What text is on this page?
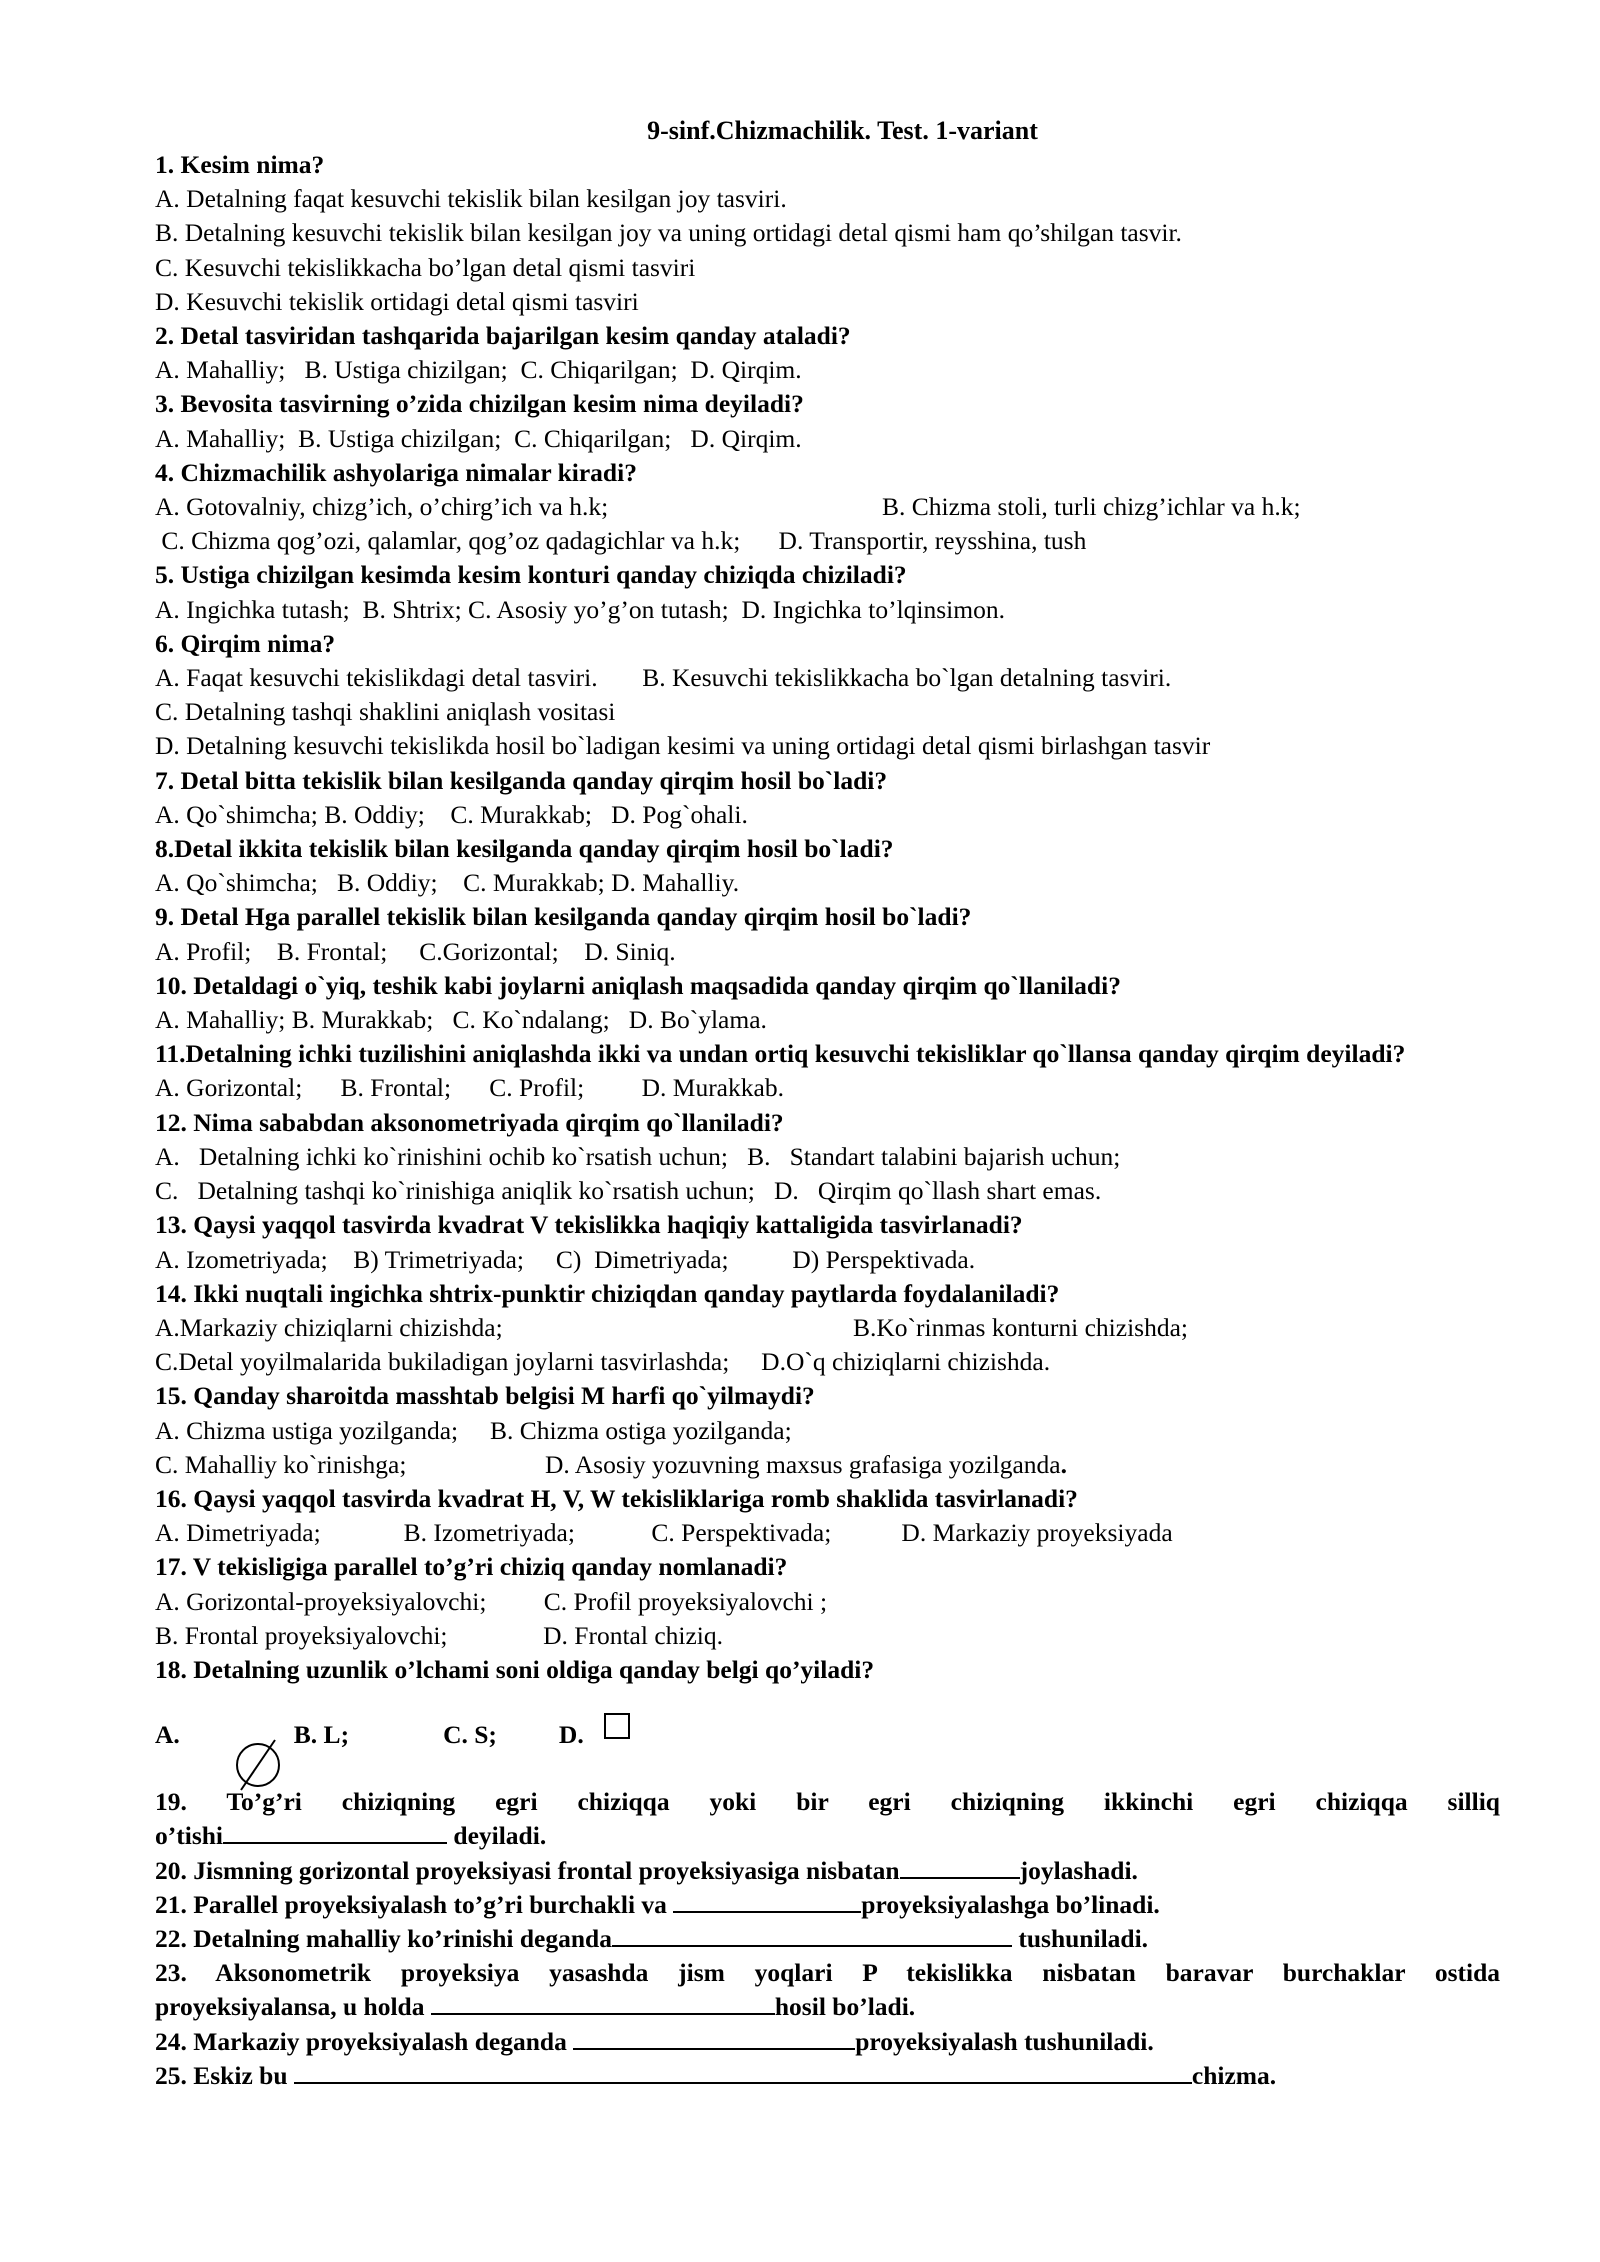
9-sinf.Chizmachilik. Test. 1-variant

1. Kesim nima?

A. Detalning faqat kesuvchi tekislik bilan kesilgan joy tasviri.

B. Detalning kesuvchi tekislik bilan kesilgan joy va uning ortidagi detal qismi ham qo’shilgan tasvir.

C. Kesuvchi tekislikkacha bo’lgan detal qismi tasviri

D. Kesuvchi tekislik ortidagi detal qismi tasviri

2. Detal tasviridan tashqarida bajarilgan kesim qanday ataladi?

A. Mahalliy;   B. Ustiga chizilgan;  C. Chiqarilgan;  D. Qirqim.

3. Bevosita tasvirning o’zida chizilgan kesim nima deyiladi?

A. Mahalliy;  B. Ustiga chizilgan;  C. Chiqarilgan;   D. Qirqim.

4. Chizmachilik ashyolariga nimalar kiradi?

A. Gotovalniy, chizg’ich, o’chirg’ich va h.k;	B. Chizma stoli, turli chizg’ichlar va h.k;

C. Chizma qog’ozi, qalamlar, qog’oz qadagichlar va h.k;      D. Transportir, reysshina, tush

5. Ustiga chizilgan kesimda kesim konturi qanday chiziqda chiziladi?

A. Ingichka tutash;  B. Shtrix; C. Asosiy yo’g’on tutash;  D. Ingichka to’lqinsimon.

6. Qirqim nima?

A. Faqat kesuvchi tekislikdagi detal tasviri.       B. Kesuvchi tekislikkacha bo`lgan detalning tasviri.

C. Detalning tashqi shaklini aniqlash vositasi

D. Detalning kesuvchi tekislikda hosil bo`ladigan kesimi va uning ortidagi detal qismi birlashgan tasvir

7. Detal bitta tekislik bilan kesilganda qanday qirqim hosil bo`ladi?

A. Qo`shimcha; B. Oddiy;    C. Murakkab;   D. Pog`ohali.

8.Detal ikkita tekislik bilan kesilganda qanday qirqim hosil bo`ladi?

A. Qo`shimcha;   B. Oddiy;    C. Murakkab; D. Mahalliy.

9. Detal Hga parallel tekislik bilan kesilganda qanday qirqim hosil bo`ladi?

A. Profil;    B. Frontal;     C.Gorizontal;    D. Siniq.

10. Detaldagi o`yiq, teshik kabi joylarni aniqlash maqsadida qanday qirqim qo`llaniladi?

A. Mahalliy; B. Murakkab;   C. Ko`ndalang;   D. Bo`ylama.

11.Detalning ichki tuzilishini aniqlashda ikki va undan ortiq kesuvchi tekisliklar qo`llansa qanday qirqim deyiladi?

A. Gorizontal;      B. Frontal;      C. Profil;         D. Murakkab.

12. Nima sababdan aksonometriyada qirqim qo`llaniladi?

A.   Detalning ichki ko`rinishini ochib ko`rsatish uchun;   B.   Standart talabini bajarish uchun;

C.   Detalning tashqi ko`rinishiga aniqlik ko`rsatish uchun;   D.   Qirqim qo`llash shart emas.

13. Qaysi yaqqol tasvirda kvadrat V tekislikka haqiqiy kattaligida tasvirlanadi?

A. Izometriyada;    B) Trimetriyada;     C)  Dimetriyada;          D) Perspektivada.

14. Ikki nuqtali ingichka shtrix-punktir chiziqdan qanday paytlarda foydalaniladi?

A.Markaziy chiziqlarni chizishda;	B.Ko`rinmas konturni chizishda;

C.Detal yoyilmalarida bukiladigan joylarni tasvirlashda;     D.O`q chiziqlarni chizishda.

15. Qanday sharoitda masshtab belgisi M harfi qo`yilmaydi?

A. Chizma ustiga yozilganda;     B. Chizma ostiga yozilganda;

C. Mahalliy ko`rinishga;	D. Asosiy yozuvning maxsus grafasiga yozilganda .

16. Qaysi yaqqol tasvirda kvadrat H, V, W tekisliklariga romb shaklida tasvirlanadi?

A. Dimetriyada;             B. Izometriyada;            C. Perspektivada;           D. Markaziy proyeksiyada

17. V tekisligiga parallel to’g’ri chiziq qanday nomlanadi?

A. Gorizontal-proyeksiyalovchi;         C. Profil proyeksiyalovchi ;

B. Frontal proyeksiyalovchi;               D. Frontal chiziq.

18. Detalning uzunlik o’lchami soni oldiga qanday belgi qo’yiladi?

A.

	B. L;	C. S; D.

19. To’g’ri chiziqning egri chiziqqa yoki bir egri chiziqning ikkinchi egri chiziqqa silliq

o’tishi	deyiladi.

20. Jismning gorizontal proyeksiyasi frontal proyeksiyasiga nisbatan	joylashadi.

21. Parallel proyeksiyalash to’g’ri burchakli va	proyeksiyalashga bo’linadi.

22. Detalning mahalliy ko’rinishi deganda	tushuniladi.

23. Aksonometrik proyeksiya yasashda jism yoqlari P tekislikka nisbatan baravar burchaklar ostida

proyeksiyalansa, u holda	hosil bo’ladi.

24. Markaziy proyeksiyalash deganda	proyeksiyalash tushuniladi.

25. Eskiz bu	chizma.
